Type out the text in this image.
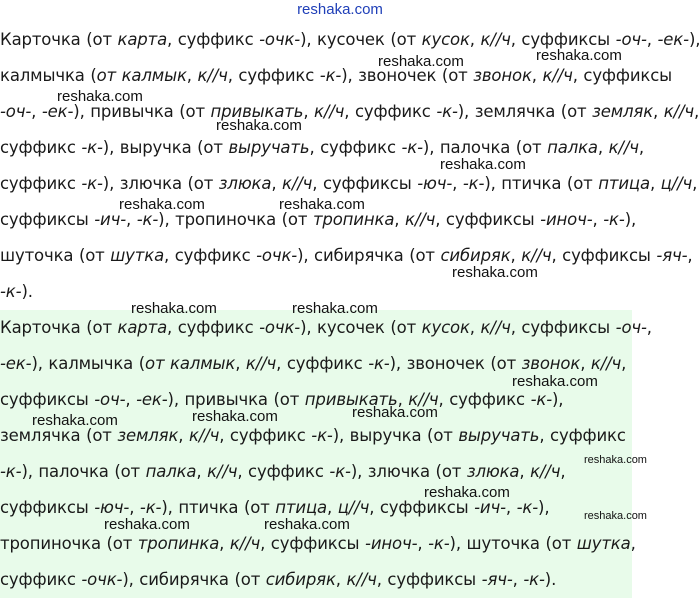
reshaka.com
Карточка (от карта, суффикс -очк-), кусочек (от кусок, к//ч, суффиксы -оч-, -ек-),
калмычка (от калмык, к//ч, суффикс -к-), звоночек (от звонок, к//ч, суффиксы
-оч-, -ек-), привычка (от привыкать, к//ч, суффикс -к-), землячка (от земляк, к//ч,
суффикс -к-), выручка (от выручать, суффикс -к-), палочка (от палка, к//ч,
суффикс -к-), злючка (от злюка, к//ч, суффиксы -юч-, -к-), птичка (от птица, ц//ч,
суффиксы -ич-, -к-), тропиночка (от тропинка, к//ч, суффиксы -иноч-, -к-),
шуточка (от шутка, суффикс -очк-), сибирячка (от сибиряк, к//ч, суффиксы -яч-,
-к-).
Карточка (от карта, суффикс -очк-), кусочек (от кусок, к//ч, суффиксы -оч-,
-ек-), калмычка (от калмык, к//ч, суффикс -к-), звоночек (от звонок, к//ч,
суффиксы -оч-, -ек-), привычка (от привыкать, к//ч, суффикс -к-),
землячка (от земляк, к//ч, суффикс -к-), выручка (от выручать, суффикс
-к-), палочка (от палка, к//ч, суффикс -к-), злючка (от злюка, к//ч,
суффиксы -юч-, -к-), птичка (от птица, ц//ч, суффиксы -ич-, -к-),
тропиночка (от тропинка, к//ч, суффиксы -иноч-, -к-), шуточка (от шутка,
суффикс -очк-), сибирячка (от сибиряк, к//ч, суффиксы -яч-, -к-).
reshaka.com	reshaka.com
reshaka.com
reshaka.com
reshaka.com
reshaka.com	reshaka.com
reshaka.com
reshaka.com	reshaka.com
reshaka.com
reshaka.com	reshaka.com	reshaka.com
reshaka.com
reshaka.com
reshaka.com
reshaka.com	reshaka.com
